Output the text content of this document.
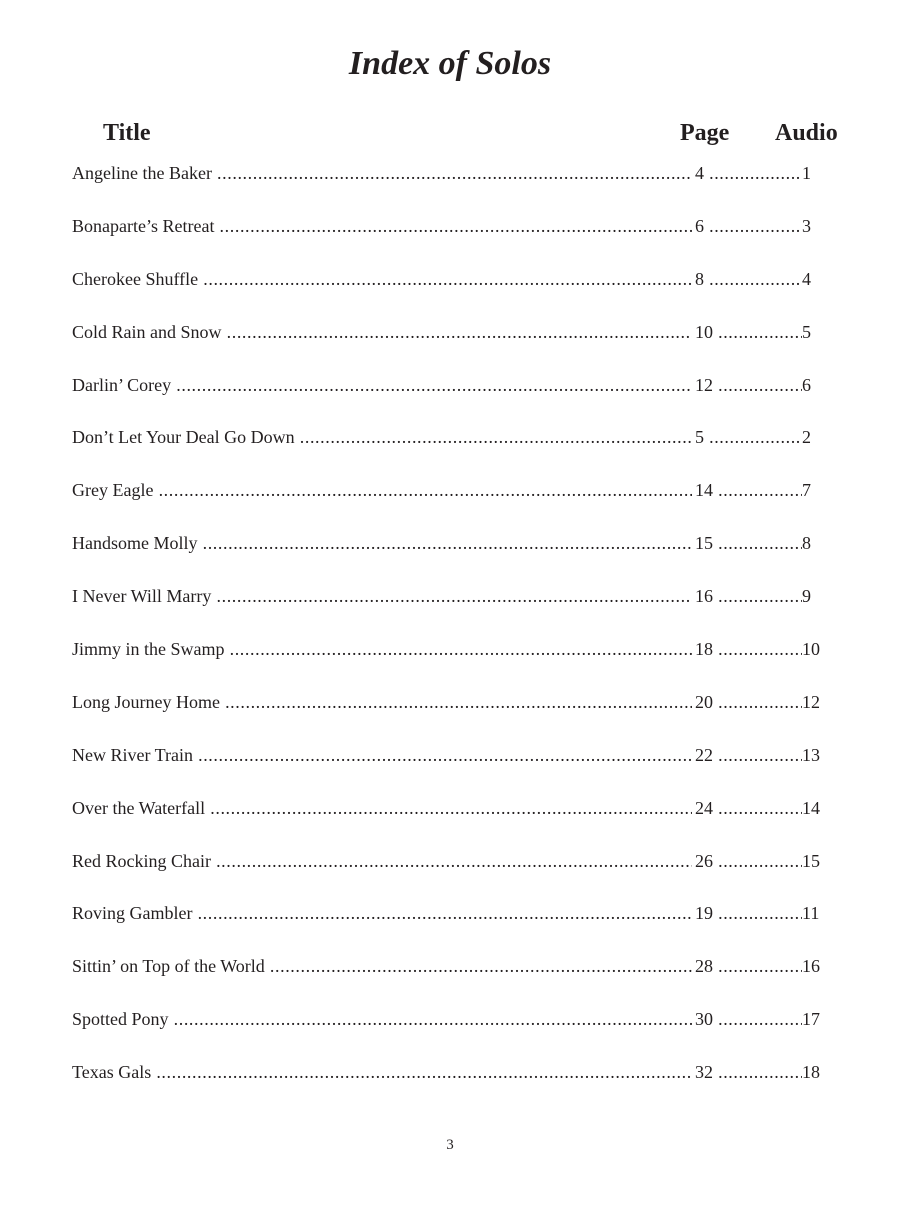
Index of Solos
Title	Page Audio
Angeline the Baker .....	4 .....	1
Bonaparte’s Retreat .....	6 .....	3
Cherokee Shuffle .....	8 .....	4
Cold Rain and Snow .....	10 .....	5
Darlin’ Corey .....	12 .....	6
Don’t Let Your Deal Go Down .....	5 .....	2
Grey Eagle .....	14 .....	7
Handsome Molly .....	15 .....	8
I Never Will Marry .....	16 .....	9
Jimmy in the Swamp .....	18 .....	10
Long Journey Home .....	20 .....	12
New River Train .....	22 .....	13
Over the Waterfall .....	24 .....	14
Red Rocking Chair .....	26 .....	15
Roving Gambler .....	19 .....	11
Sittin’ on Top of the World .....	28 .....	16
Spotted Pony .....	30 .....	17
Texas Gals .....	32 .....	18
3
